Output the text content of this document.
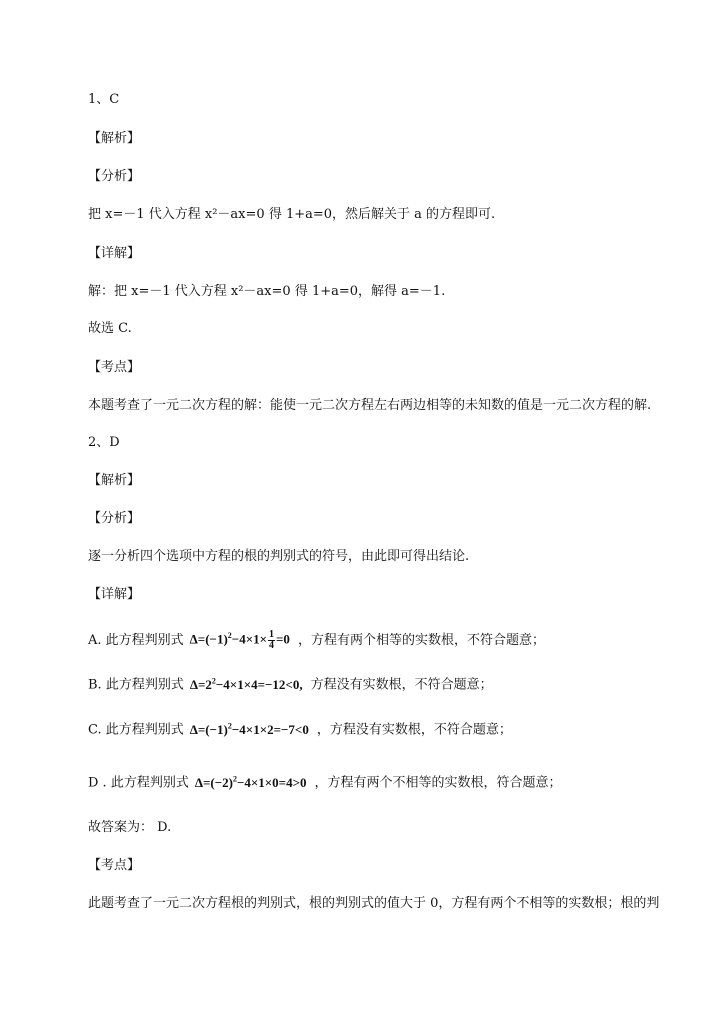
1、C
【解析】
【分析】
把 x=－1 代入方程 x²－ax=0 得 1+a=0，然后解关于 a 的方程即可.
【详解】
解：把 x=－1 代入方程 x²－ax=0 得 1+a=0，解得 a=－1.
故选 C.
【考点】
本题考查了一元二次方程的解：能使一元二次方程左右两边相等的未知数的值是一元二次方程的解.
2、D
【解析】
【分析】
逐一分析四个选项中方程的根的判别式的符号，由此即可得出结论.
【详解】
A. 此方程判别式 $\Delta=(-1)^2-4\times 1\times \frac{1}{4} =0$ ，方程有两个相等的实数根，不符合题意；
B. 此方程判别式 $\Delta=2^2-4\times 1\times 4=-12<0$, 方程没有实数根，不符合题意；
C. 此方程判别式 $\Delta=(-1)^2-4\times 1\times 2=-7<0$ ，方程没有实数根，不符合题意；
D . 此方程判别式 $\Delta=(-2)^2-4\times 1\times 0=4>0$ ，方程有两个不相等的实数根，符合题意；
故答案为： D.
【考点】
此题考查了一元二次方程根的判别式，根的判别式的值大于 0，方程有两个不相等的实数根；根的判
